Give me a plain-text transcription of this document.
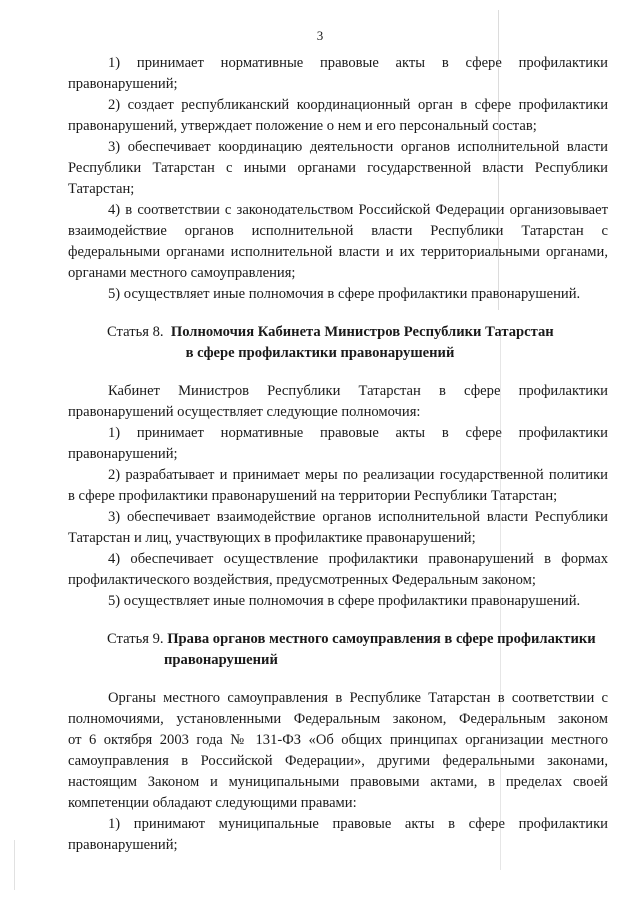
3
1) принимает нормативные правовые акты в сфере профилактики
правонарушений;
2) создает республиканский координационный орган в сфере профилактики
правонарушений, утверждает положение о нем и его персональный состав;
3) обеспечивает координацию деятельности органов исполнительной власти
Республики Татарстан с иными органами государственной власти Республики
Татарстан;
4) в соответствии с законодательством Российской Федерации организовывает
взаимодействие органов исполнительной власти Республики Татарстан с
федеральными органами исполнительной власти и их территориальными органами,
органами местного самоуправления;
5) осуществляет иные полномочия в сфере профилактики правонарушений.
Статья 8. Полномочия Кабинета Министров Республики Татарстан
в сфере профилактики правонарушений
Кабинет Министров Республики Татарстан в сфере профилактики
правонарушений осуществляет следующие полномочия:
1) принимает нормативные правовые акты в сфере профилактики
правонарушений;
2) разрабатывает и принимает меры по реализации государственной политики
в сфере профилактики правонарушений на территории Республики Татарстан;
3) обеспечивает взаимодействие органов исполнительной власти Республики
Татарстан и лиц, участвующих в профилактике правонарушений;
4) обеспечивает осуществление профилактики правонарушений в формах
профилактического воздействия, предусмотренных Федеральным законом;
5) осуществляет иные полномочия в сфере профилактики правонарушений.
Статья 9. Права органов местного самоуправления в сфере профилактики
правонарушений
Органы местного самоуправления в Республике Татарстан в соответствии с
полномочиями, установленными Федеральным законом, Федеральным законом
от 6 октября 2003 года № 131-ФЗ «Об общих принципах организации местного
самоуправления в Российской Федерации», другими федеральными законами,
настоящим Законом и муниципальными правовыми актами, в пределах своей
компетенции обладают следующими правами:
1) принимают муниципальные правовые акты в сфере профилактики
правонарушений;
